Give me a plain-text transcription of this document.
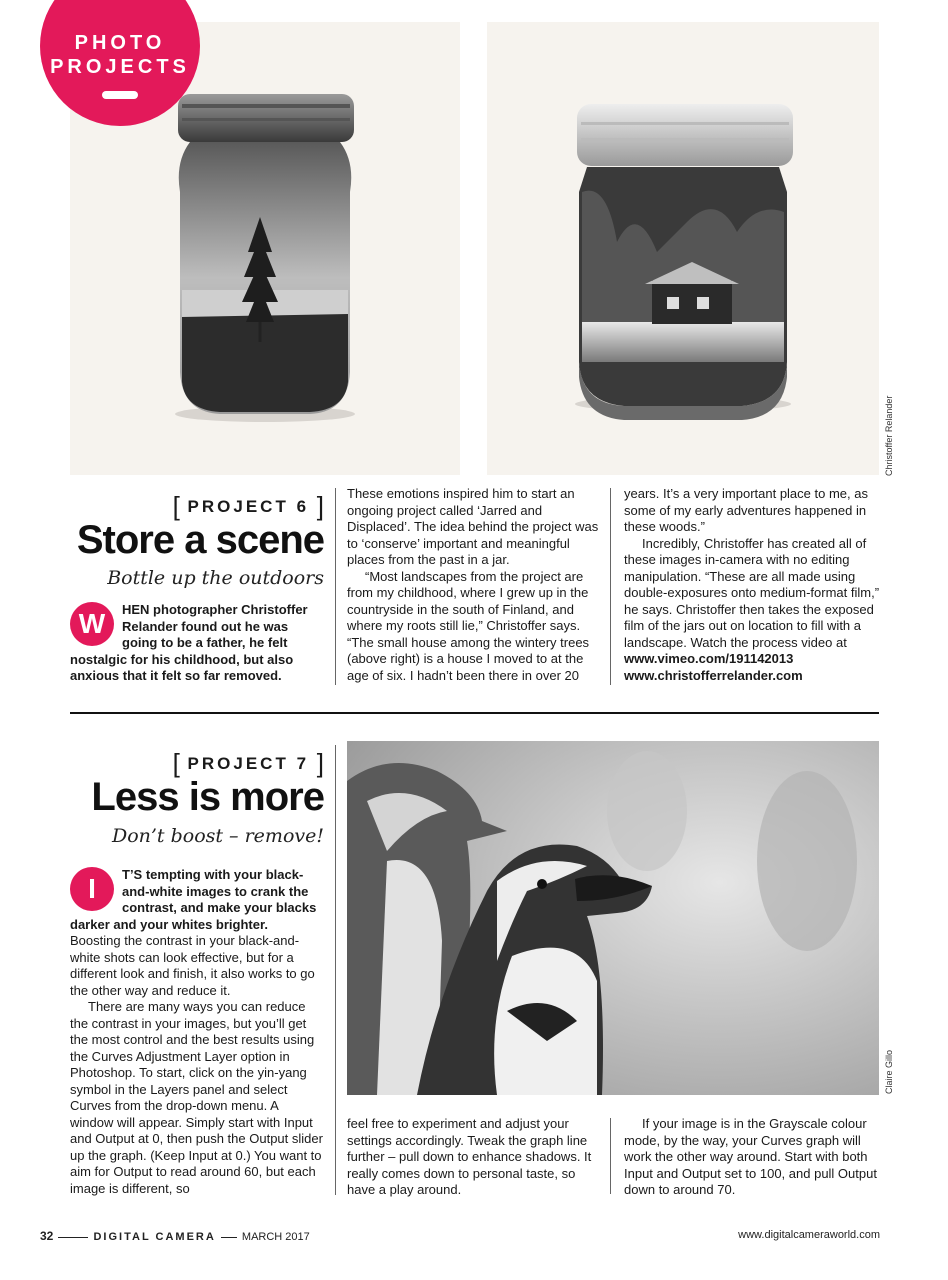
PHOTO
PROJECTS
Christoffer Relander
[ PROJECT 6 ]
Store a scene
Bottle up the outdoors
W	HEN photographer Christoffer Relander found out he was going to be a father, he felt nostalgic for his childhood, but also anxious that it felt so far removed.

These emotions inspired him to start an ongoing project called ‘Jarred and Displaced’. The idea behind the project was to ‘conserve’ important and meaningful places from the past in a jar.

“Most landscapes from the project are from my childhood, where I grew up in the countryside in the south of Finland, and where my roots still lie,” Christoffer says. “The small house among the wintery trees (above right) is a house I moved to at the age of six. I hadn’t been there in over 20

years. It’s a very important place to me, as some of my early adventures happened in these woods.”

Incredibly, Christoffer has created all of these images in-camera with no editing manipulation. “These are all made using double-exposures onto medium-format film,” he says. Christoffer then takes the exposed film of the jars out on location to fill with a landscape. Watch the process video at www.vimeo.com/191142013 www.christofferrelander.com

[ PROJECT 7 ]
Less is more
Don’t boost – remove!
I	T’S tempting with your black-and-white images to crank the contrast, and make your blacks darker and your whites brighter.

Boosting the contrast in your black-and-white shots can look effective, but for a different look and finish, it also works to go the other way and reduce it.

There are many ways you can reduce the contrast in your images, but you’ll get the most control and the best results using the Curves Adjustment Layer option in Photoshop. To start, click on the yin-yang symbol in the Layers panel and select Curves from the drop-down menu. A window will appear. Simply start with Input and Output at 0, then push the Output slider up the graph. (Keep Input at 0.) You want to aim for Output to read around 60, but each image is different, so

Claire Gillo

feel free to experiment and adjust your settings accordingly. Tweak the graph line further – pull down to enhance shadows. It really comes down to personal taste, so have a play around.

If your image is in the Grayscale colour mode, by the way, your Curves graph will work the other way around. Start with both Input and Output set to 100, and pull Output down to around 70.

32	DIGITAL CAMERA MARCH 2017	www.digitalcameraworld.com
